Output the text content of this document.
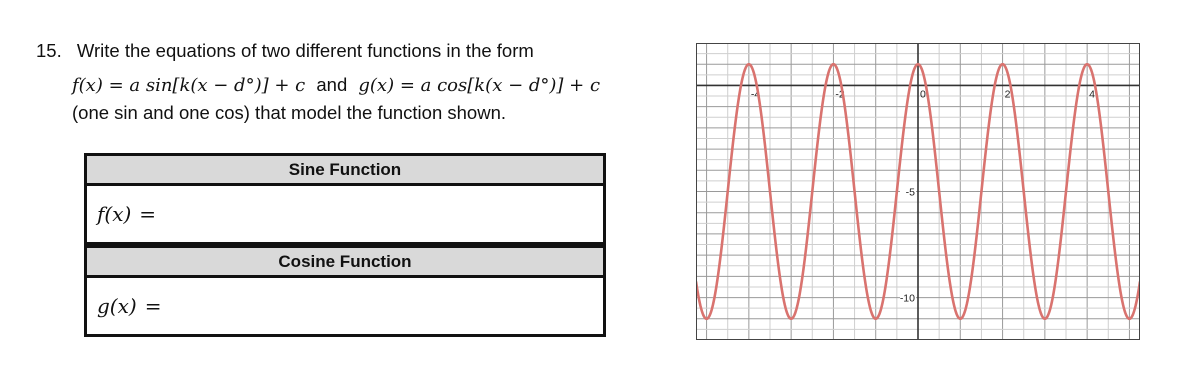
15. Write the equations of two different functions in the form
f(x) = a sin[k(x − d°)] + c and g(x) = a cos[k(x − d°)] + c
(one sin and one cos) that model the function shown.
Sine Function
f(x) =
Cosine Function
g(x) =
-4	-2	0	2	4
-5
-10
